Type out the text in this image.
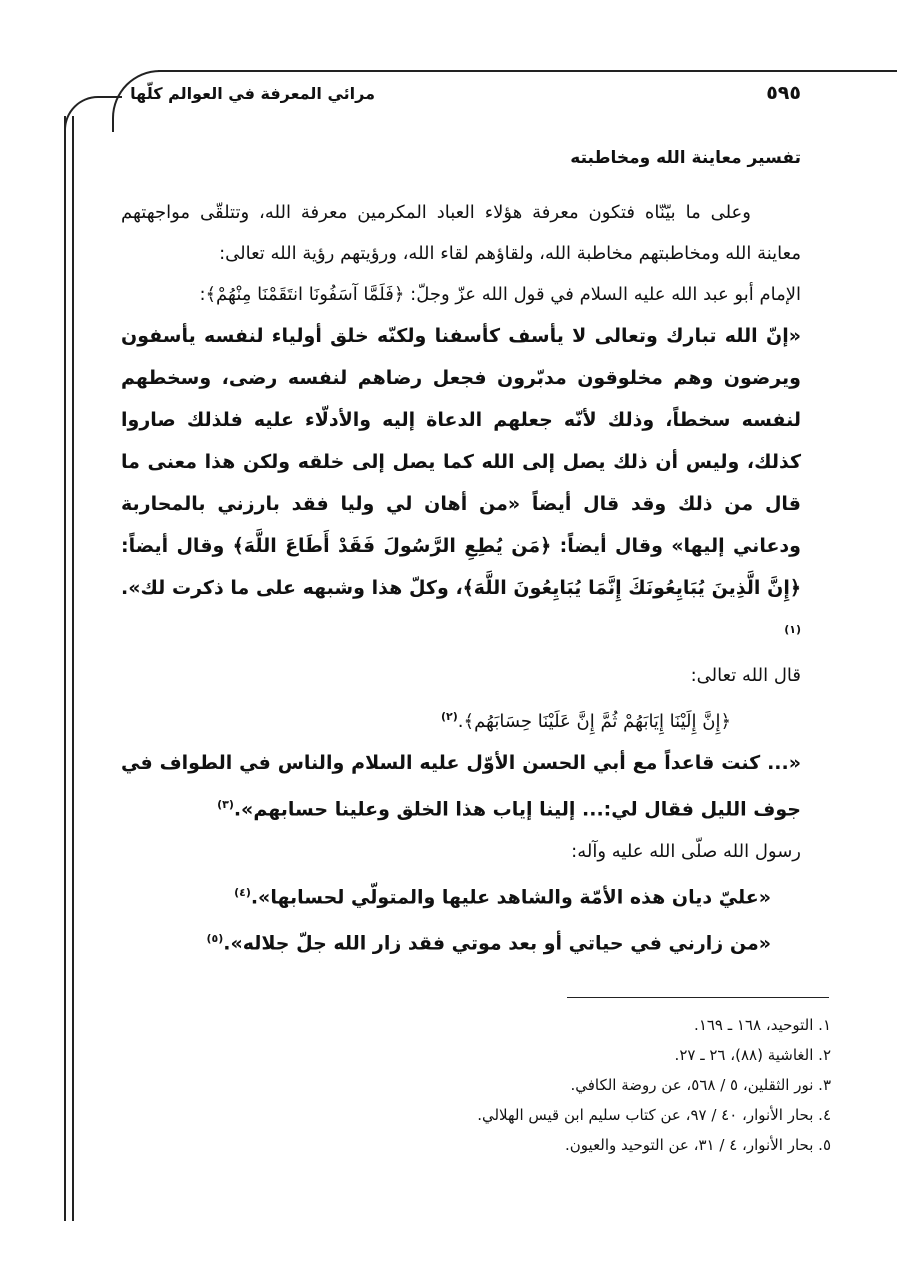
مرائي المعرفة في العوالم كلّها	٥٩٥

تفسير معاينة الله ومخاطبته

وعلى ما بيّنّاه فتكون معرفة هؤلاء العباد المكرمين معرفة الله، وتتلقّى مواجهتهم معاينة الله ومخاطبتهم مخاطبة الله، ولقاؤهم لقاء الله، ورؤيتهم رؤية الله تعالى:

الإمام أبو عبد الله عليه السلام في قول الله عزّ وجلّ: ﴿فَلَمَّا آسَفُونَا انتَقَمْنَا مِنْهُمْ﴾:

«إنّ الله تبارك وتعالى لا يأسف كأسفنا ولكنّه خلق أولياء لنفسه يأسفون ويرضون وهم مخلوقون مدبّرون فجعل رضاهم لنفسه رضى، وسخطهم لنفسه سخطاً، وذلك لأنّه جعلهم الدعاة إليه والأدلّاء عليه فلذلك صاروا كذلك، وليس أن ذلك يصل إلى الله كما يصل إلى خلقه ولكن هذا معنى ما قال من ذلك وقد قال أيضاً «من أهان لي وليا فقد بارزني بالمحاربة ودعاني إليها» وقال أيضاً: ﴿مَن يُطِعِ الرَّسُولَ فَقَدْ أَطَاعَ اللَّهَ﴾ وقال أيضاً: ﴿إِنَّ الَّذِينَ يُبَايِعُونَكَ إِنَّمَا يُبَايِعُونَ اللَّهَ﴾، وكلّ هذا وشبهه على ما ذكرت لك».$^{(١)}$

قال الله تعالى:

﴿إِنَّ إِلَيْنَا إِيَابَهُمْ ثُمَّ إِنَّ عَلَيْنَا حِسَابَهُم﴾.$^{(٢)}$

«... كنت قاعداً مع أبي الحسن الأوّل عليه السلام والناس في الطواف في جوف الليل فقال لي:... إلينا إياب هذا الخلق وعلينا حسابهم».$^{(٣)}$

رسول الله صلّى الله عليه وآله:

«عليّ ديان هذه الأمّة والشاهد عليها والمتولّي لحسابها».$^{(٤)}$

«من زارني في حياتي أو بعد موتي فقد زار الله جلّ جلاله».$^{(٥)}$

١. التوحيد، ١٦٨ ـ ١٦٩.

٢. الغاشية (٨٨)، ٢٦ ـ ٢٧.

٣. نور الثقلين، ٥ / ٥٦٨، عن روضة الكافي.

٤. بحار الأنوار، ٤٠ / ٩٧، عن كتاب سليم ابن قيس الهلالي.

٥. بحار الأنوار، ٤ / ٣١، عن التوحيد والعيون.
